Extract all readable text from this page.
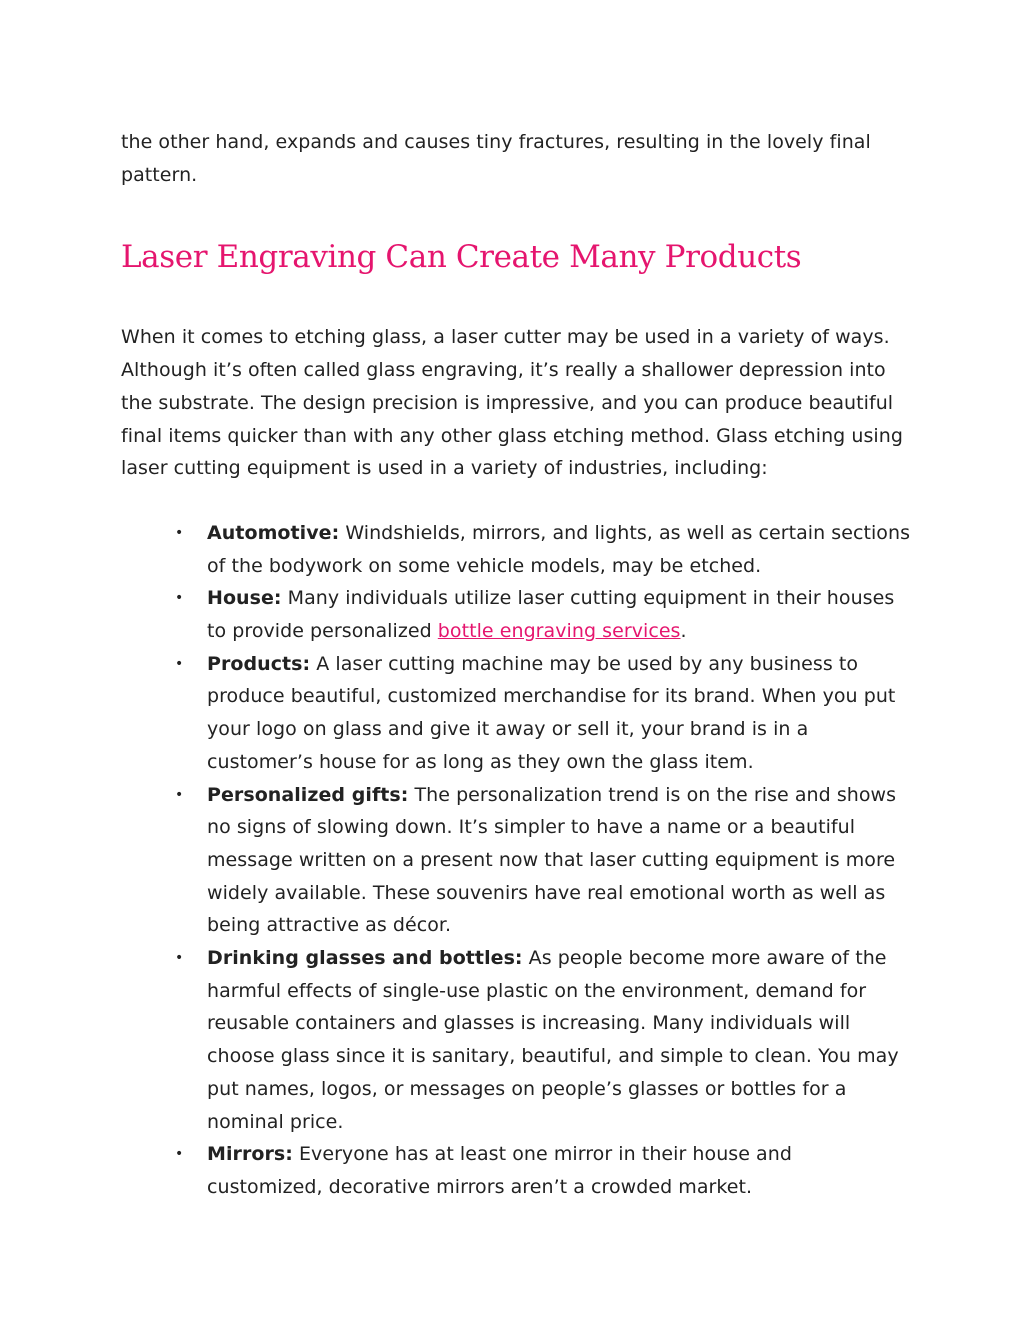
the other hand, expands and causes tiny fractures, resulting in the lovely final pattern.

Laser Engraving Can Create Many Products

When it comes to etching glass, a laser cutter may be used in a variety of ways. Although it’s often called glass engraving, it’s really a shallower depression into the substrate. The design precision is impressive, and you can produce beautiful final items quicker than with any other glass etching method. Glass etching using laser cutting equipment is used in a variety of industries, including:

• Automotive: Windshields, mirrors, and lights, as well as certain sections of the bodywork on some vehicle models, may be etched.
• House: Many individuals utilize laser cutting equipment in their houses to provide personalized bottle engraving services.
• Products: A laser cutting machine may be used by any business to produce beautiful, customized merchandise for its brand. When you put your logo on glass and give it away or sell it, your brand is in a customer’s house for as long as they own the glass item.
• Personalized gifts: The personalization trend is on the rise and shows no signs of slowing down. It’s simpler to have a name or a beautiful message written on a present now that laser cutting equipment is more widely available. These souvenirs have real emotional worth as well as being attractive as décor.
• Drinking glasses and bottles: As people become more aware of the harmful effects of single-use plastic on the environment, demand for reusable containers and glasses is increasing. Many individuals will choose glass since it is sanitary, beautiful, and simple to clean. You may put names, logos, or messages on people’s glasses or bottles for a nominal price.
• Mirrors: Everyone has at least one mirror in their house and customized, decorative mirrors aren’t a crowded market.
